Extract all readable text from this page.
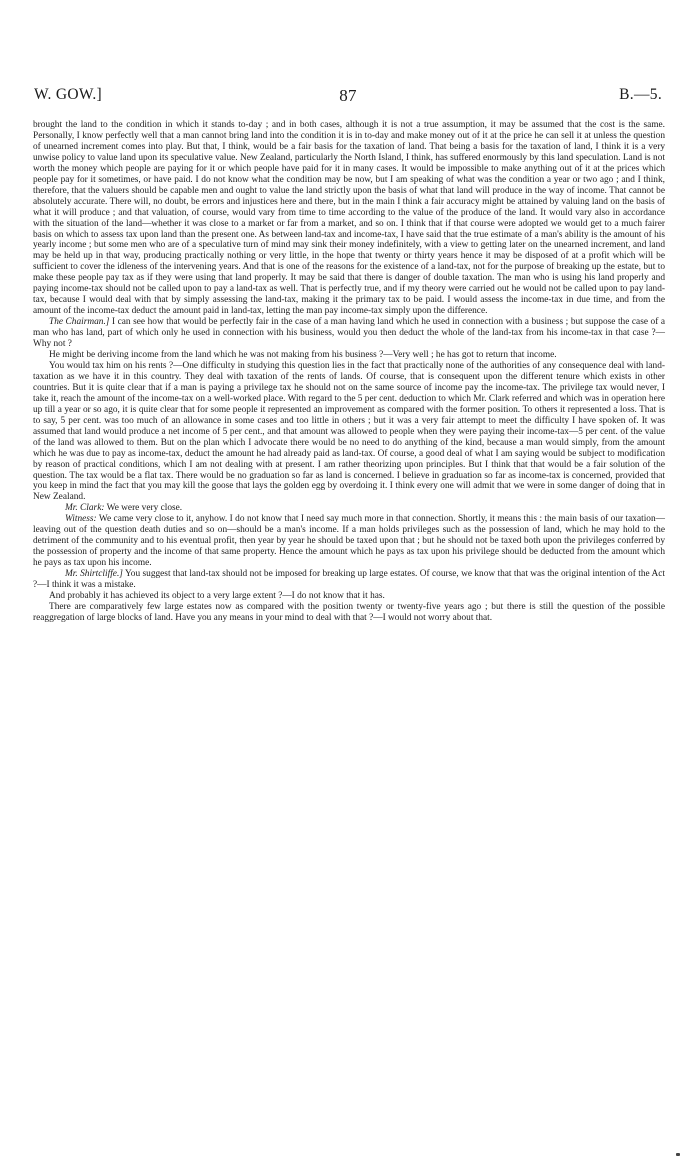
W. GOW.]	87	B.—5.

brought the land to the condition in which it stands to-day ; and in both cases, although it is not a true assumption, it may be assumed that the cost is the same. Personally, I know perfectly well that a man cannot bring land into the condition it is in to-day and make money out of it at the price he can sell it at unless the question of unearned increment comes into play. But that, I think, would be a fair basis for the taxation of land. That being a basis for the taxation of land, I think it is a very unwise policy to value land upon its speculative value. New Zealand, particularly the North Island, I think, has suffered enormously by this land speculation. Land is not worth the money which people are paying for it or which people have paid for it in many cases. It would be impossible to make anything out of it at the prices which people pay for it sometimes, or have paid. I do not know what the condition may be now, but I am speaking of what was the condition a year or two ago ; and I think, therefore, that the valuers should be capable men and ought to value the land strictly upon the basis of what that land will produce in the way of income. That cannot be absolutely accurate. There will, no doubt, be errors and injustices here and there, but in the main I think a fair accuracy might be attained by valuing land on the basis of what it will produce ; and that valuation, of course, would vary from time to time according to the value of the produce of the land. It would vary also in accordance with the situation of the land—whether it was close to a market or far from a market, and so on. I think that if that course were adopted we would get to a much fairer basis on which to assess tax upon land than the present one. As between land-tax and income-tax, I have said that the true estimate of a man's ability is the amount of his yearly income ; but some men who are of a speculative turn of mind may sink their money indefinitely, with a view to getting later on the unearned increment, and land may be held up in that way, producing practically nothing or very little, in the hope that twenty or thirty years hence it may be disposed of at a profit which will be sufficient to cover the idleness of the intervening years. And that is one of the reasons for the existence of a land-tax, not for the purpose of breaking up the estate, but to make these people pay tax as if they were using that land properly. It may be said that there is danger of double taxation. The man who is using his land properly and paying income-tax should not be called upon to pay a land-tax as well. That is perfectly true, and if my theory were carried out he would not be called upon to pay land-tax, because I would deal with that by simply assessing the land-tax, making it the primary tax to be paid. I would assess the income-tax in due time, and from the amount of the income-tax deduct the amount paid in land-tax, letting the man pay income-tax simply upon the difference.

The Chairman.] I can see how that would be perfectly fair in the case of a man having land which he used in connection with a business ; but suppose the case of a man who has land, part of which only he used in connection with his business, would you then deduct the whole of the land-tax from his income-tax in that case ?—Why not ?

He might be deriving income from the land which he was not making from his business ?—Very well ; he has got to return that income.

You would tax him on his rents ?—One difficulty in studying this question lies in the fact that practically none of the authorities of any consequence deal with land-taxation as we have it in this country. They deal with taxation of the rents of lands. Of course, that is consequent upon the different tenure which exists in other countries. But it is quite clear that if a man is paying a privilege tax he should not on the same source of income pay the income-tax. The privilege tax would never, I take it, reach the amount of the income-tax on a well-worked place. With regard to the 5 per cent. deduction to which Mr. Clark referred and which was in operation here up till a year or so ago, it is quite clear that for some people it represented an improvement as compared with the former position. To others it represented a loss. That is to say, 5 per cent. was too much of an allowance in some cases and too little in others ; but it was a very fair attempt to meet the difficulty I have spoken of. It was assumed that land would produce a net income of 5 per cent., and that amount was allowed to people when they were paying their income-tax—5 per cent. of the value of the land was allowed to them. But on the plan which I advocate there would be no need to do anything of the kind, because a man would simply, from the amount which he was due to pay as income-tax, deduct the amount he had already paid as land-tax. Of course, a good deal of what I am saying would be subject to modification by reason of practical conditions, which I am not dealing with at present. I am rather theorizing upon principles. But I think that that would be a fair solution of the question. The tax would be a flat tax. There would be no graduation so far as land is concerned. I believe in graduation so far as income-tax is concerned, provided that you keep in mind the fact that you may kill the goose that lays the golden egg by overdoing it. I think every one will admit that we were in some danger of doing that in New Zealand.

Mr. Clark: We were very close.

Witness: We came very close to it, anyhow. I do not know that I need say much more in that connection. Shortly, it means this : the main basis of our taxation—leaving out of the question death duties and so on—should be a man's income. If a man holds privileges such as the possession of land, which he may hold to the detriment of the community and to his eventual profit, then year by year he should be taxed upon that ; but he should not be taxed both upon the privileges conferred by the possession of property and the income of that same property. Hence the amount which he pays as tax upon his privilege should be deducted from the amount which he pays as tax upon his income.

Mr. Shirtcliffe.] You suggest that land-tax should not be imposed for breaking up large estates. Of course, we know that that was the original intention of the Act ?—I think it was a mistake.

And probably it has achieved its object to a very large extent ?—I do not know that it has.

There are comparatively few large estates now as compared with the position twenty or twenty-five years ago ; but there is still the question of the possible reaggregation of large blocks of land. Have you any means in your mind to deal with that ?—I would not worry about that.
